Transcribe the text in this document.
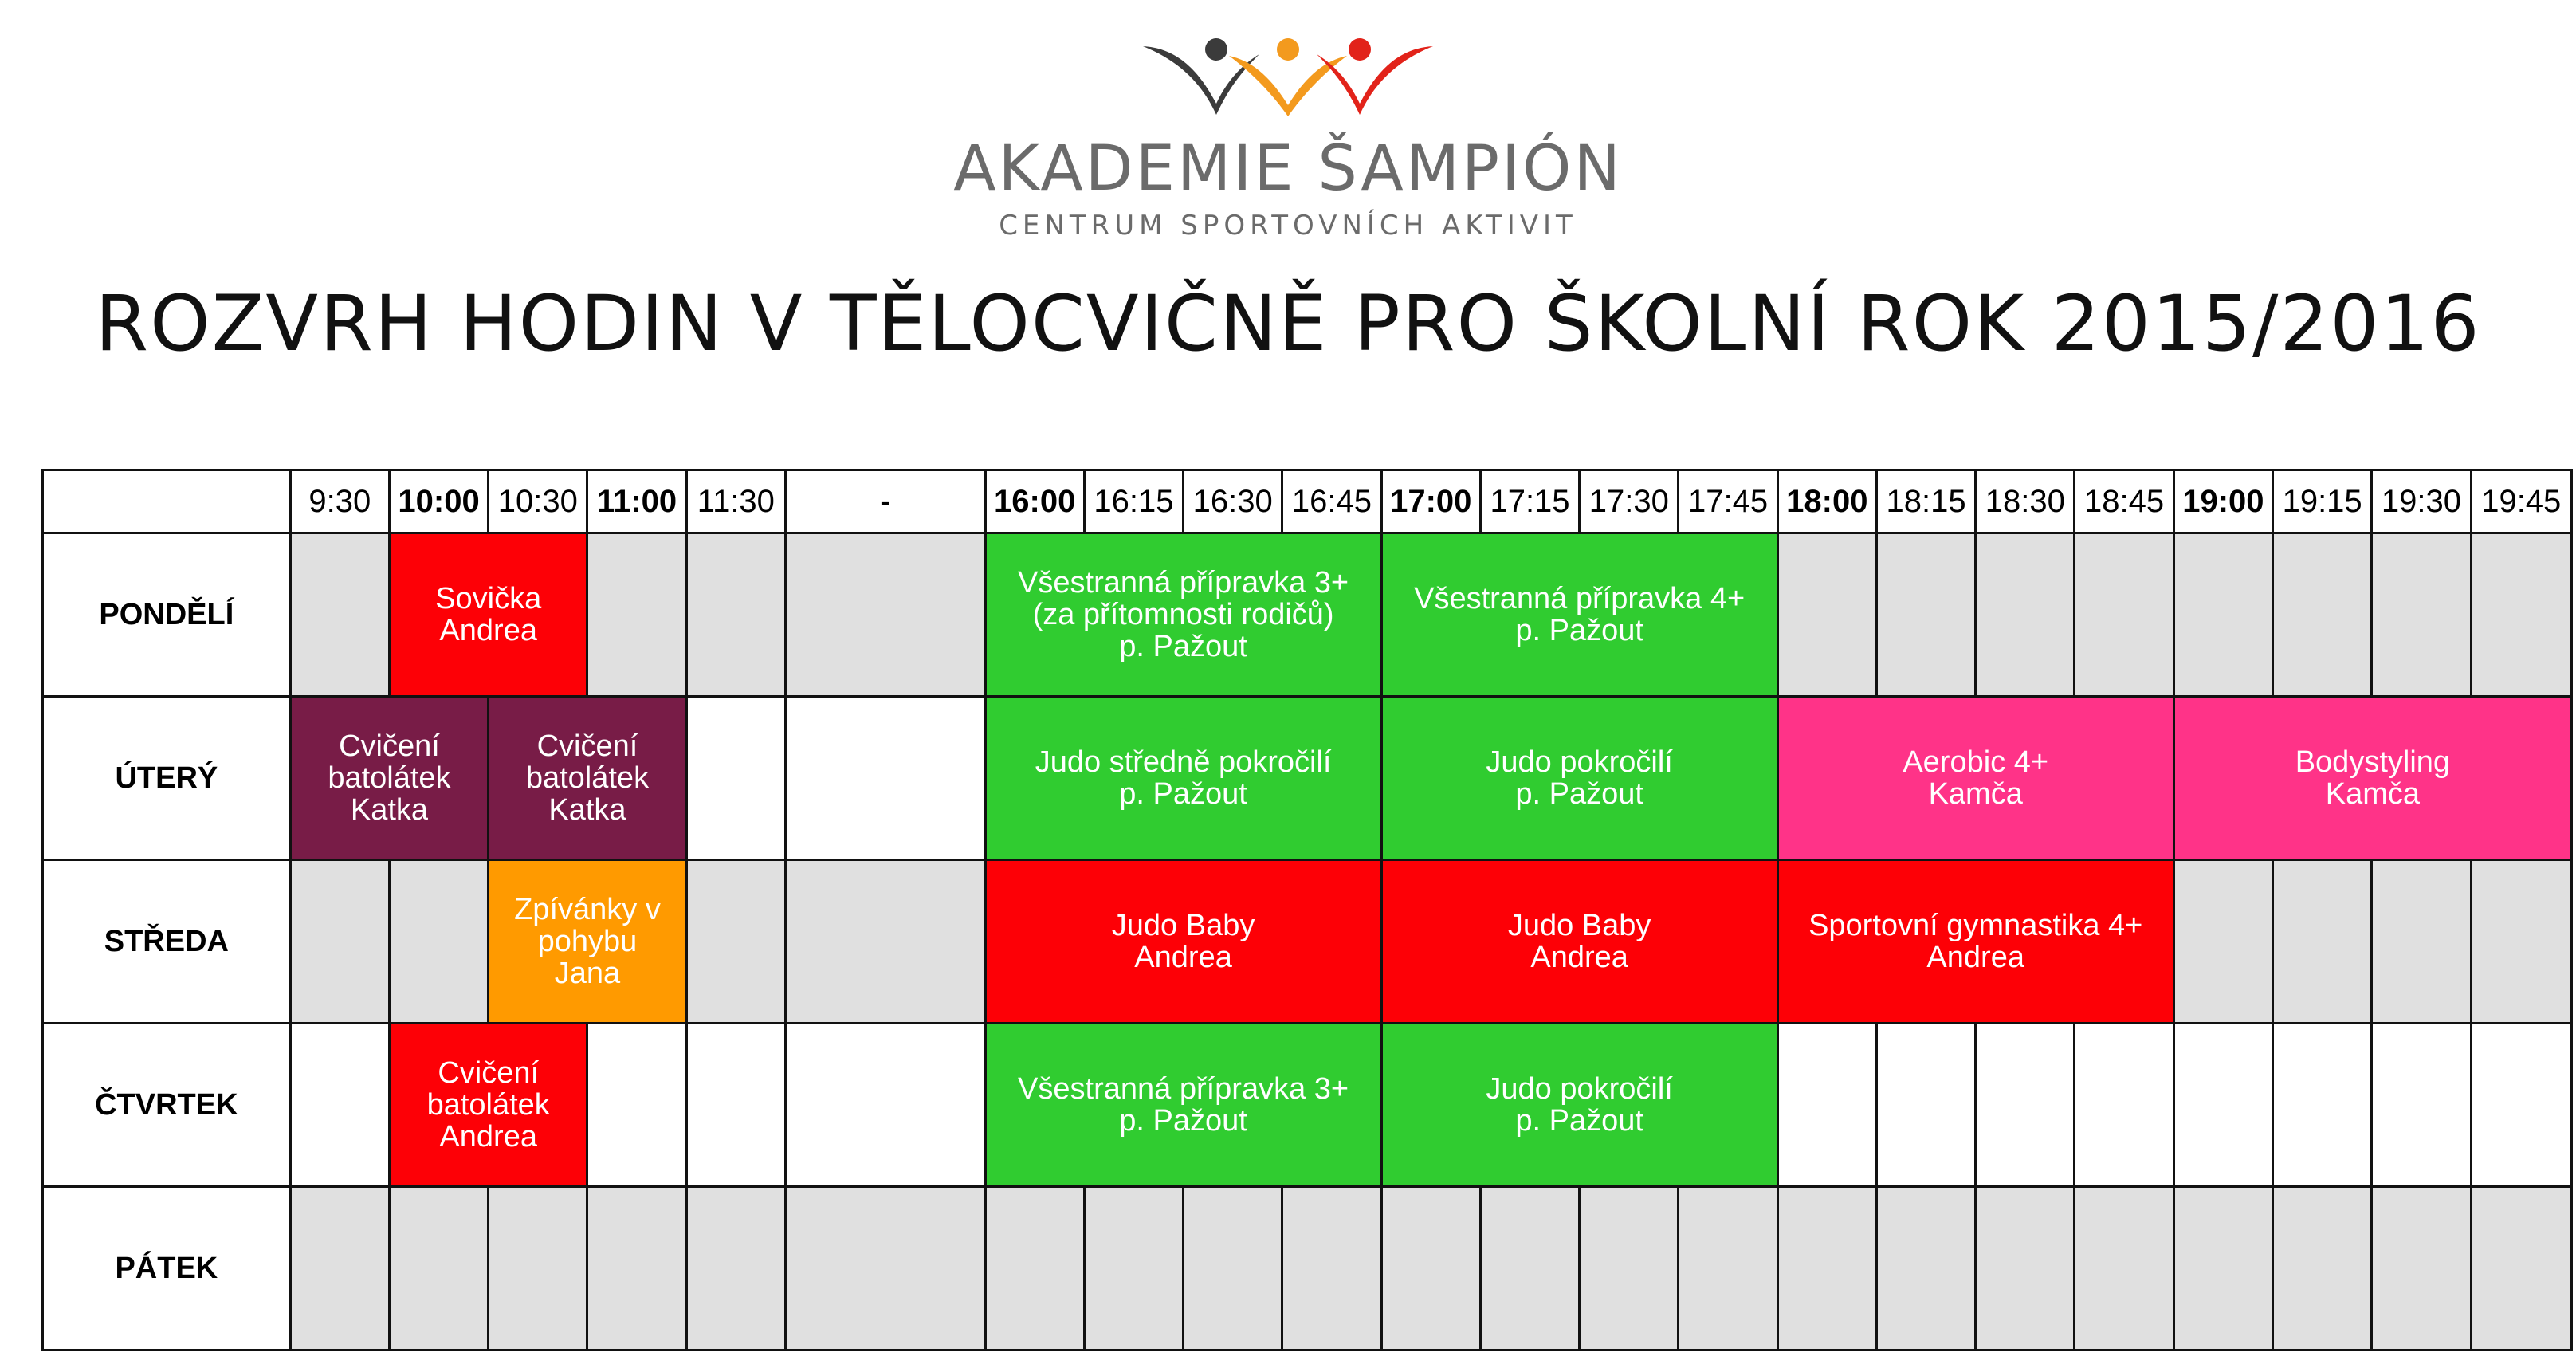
AKADEMIE ŠAMPIÓN
CENTRUM SPORTOVNÍCH AKTIVIT
ROZVRH HODIN V TĚLOCVIČNĚ PRO ŠKOLNÍ ROK 2015/2016
	9:30	10:00	10:30	11:00	11:30	-	16:00	16:15	16:30	16:45	17:00	17:15	17:30	17:45	18:00	18:15	18:30	18:45	19:00	19:15	19:30	19:45
PONDĚLÍ		Sovička
Andrea					Všestranná přípravka 3+
(za přítomnosti rodičů)
p. Pažout				Všestranná přípravka 4+
p. Pažout											

ÚTERÝ	Cvičení
batolátek
Katka		Cvičení
batolátek
Katka				Judo středně pokročilí
p. Pažout				Judo pokročilí
p. Pažout				Aerobic 4+
Kamča				Bodystyling
Kamča			

STŘEDA			Zpívánky v
pohybu
Jana				Judo Baby
Andrea				Judo Baby
Andrea				Sportovní gymnastika 4+
Andrea							

ČTVRTEK		Cvičení
batolátek
Andrea					Všestranná přípravka 3+
p. Pažout				Judo pokročilí
p. Pažout											

PÁTEK																						
